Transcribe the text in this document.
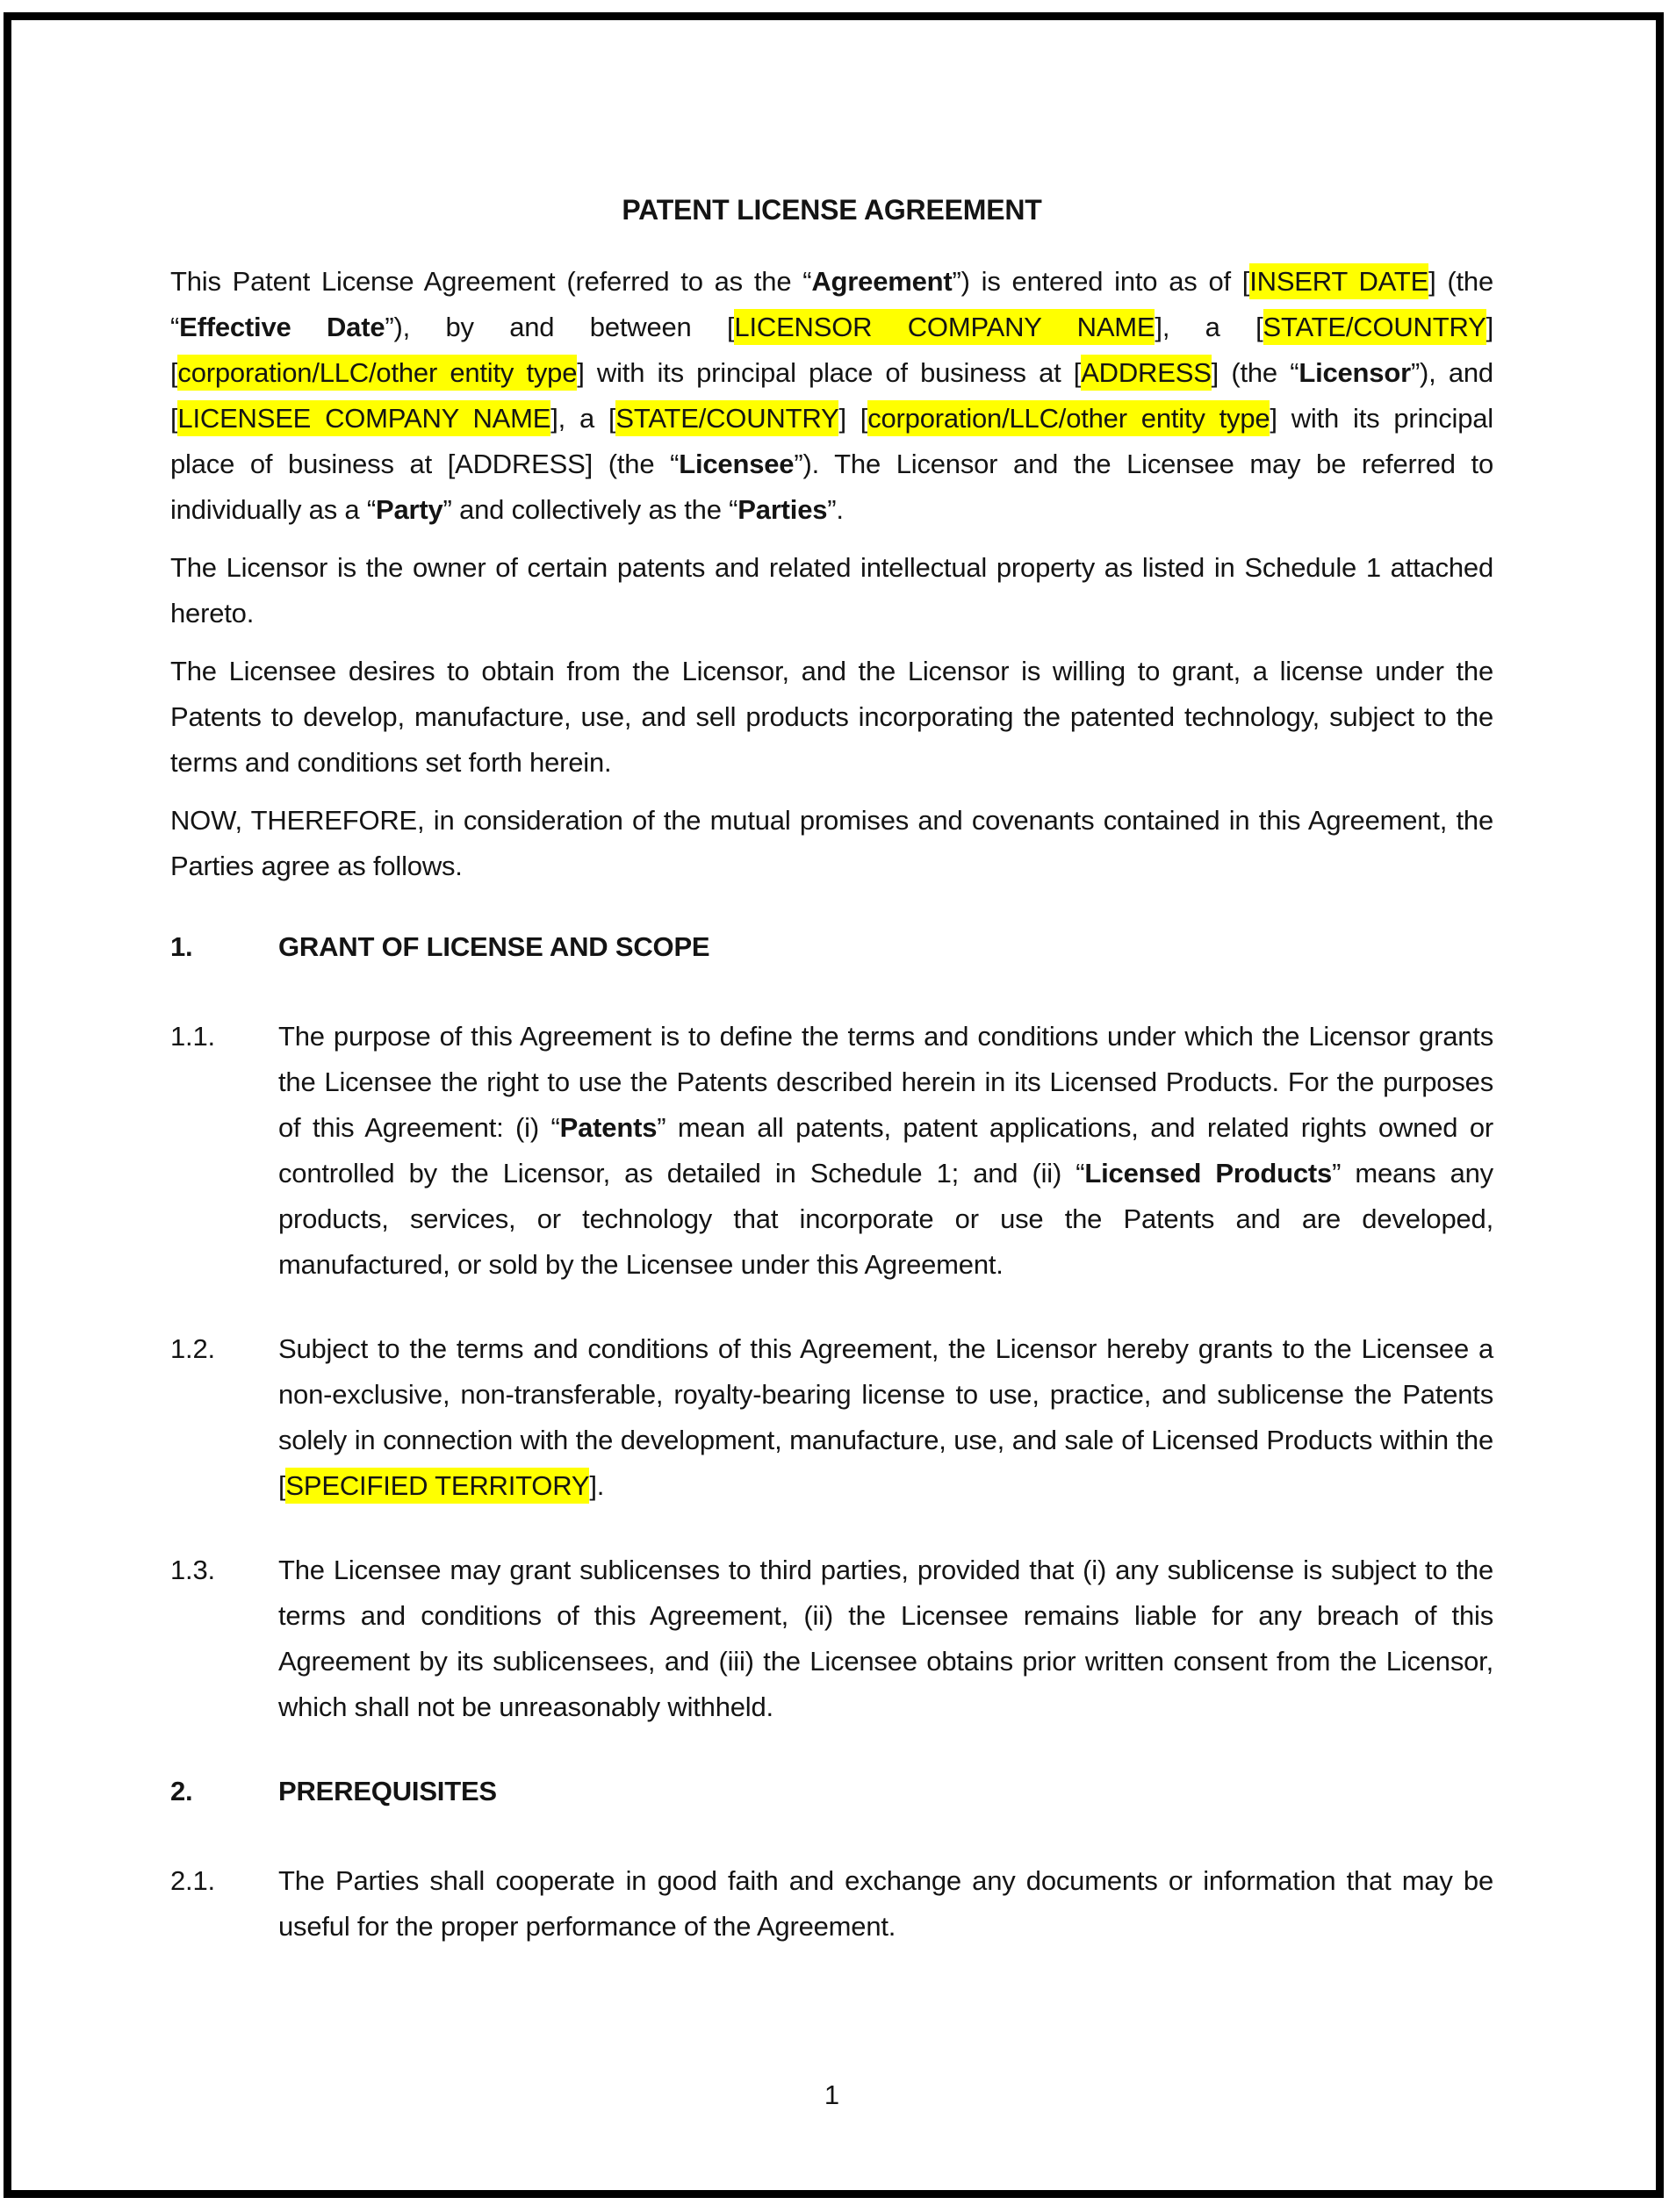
PATENT LICENSE AGREEMENT

This Patent License Agreement (referred to as the “Agreement”) is entered into as of [INSERT DATE] (the “Effective Date”), by and between [LICENSOR COMPANY NAME], a [STATE/COUNTRY] [corporation/LLC/other entity type] with its principal place of business at [ADDRESS] (the “Licensor”), and [LICENSEE COMPANY NAME], a [STATE/COUNTRY] [corporation/LLC/other entity type] with its principal place of business at [ADDRESS] (the “Licensee”). The Licensor and the Licensee may be referred to individually as a “Party” and collectively as the “Parties”.

The Licensor is the owner of certain patents and related intellectual property as listed in Schedule 1 attached hereto.

The Licensee desires to obtain from the Licensor, and the Licensor is willing to grant, a license under the Patents to develop, manufacture, use, and sell products incorporating the patented technology, subject to the terms and conditions set forth herein.

NOW, THEREFORE, in consideration of the mutual promises and covenants contained in this Agreement, the Parties agree as follows.

1.	GRANT OF LICENSE AND SCOPE
1.1.	The purpose of this Agreement is to define the terms and conditions under which the Licensor grants the Licensee the right to use the Patents described herein in its Licensed Products. For the purposes of this Agreement: (i) “Patents” mean all patents, patent applications, and related rights owned or controlled by the Licensor, as detailed in Schedule 1; and (ii) “Licensed Products” means any products, services, or technology that incorporate or use the Patents and are developed, manufactured, or sold by the Licensee under this Agreement.
1.2.	Subject to the terms and conditions of this Agreement, the Licensor hereby grants to the Licensee a non-exclusive, non-transferable, royalty-bearing license to use, practice, and sublicense the Patents solely in connection with the development, manufacture, use, and sale of Licensed Products within the [SPECIFIED TERRITORY].
1.3.	The Licensee may grant sublicenses to third parties, provided that (i) any sublicense is subject to the terms and conditions of this Agreement, (ii) the Licensee remains liable for any breach of this Agreement by its sublicensees, and (iii) the Licensee obtains prior written consent from the Licensor, which shall not be unreasonably withheld.
2.	PREREQUISITES
2.1.	The Parties shall cooperate in good faith and exchange any documents or information that may be useful for the proper performance of the Agreement.
1
